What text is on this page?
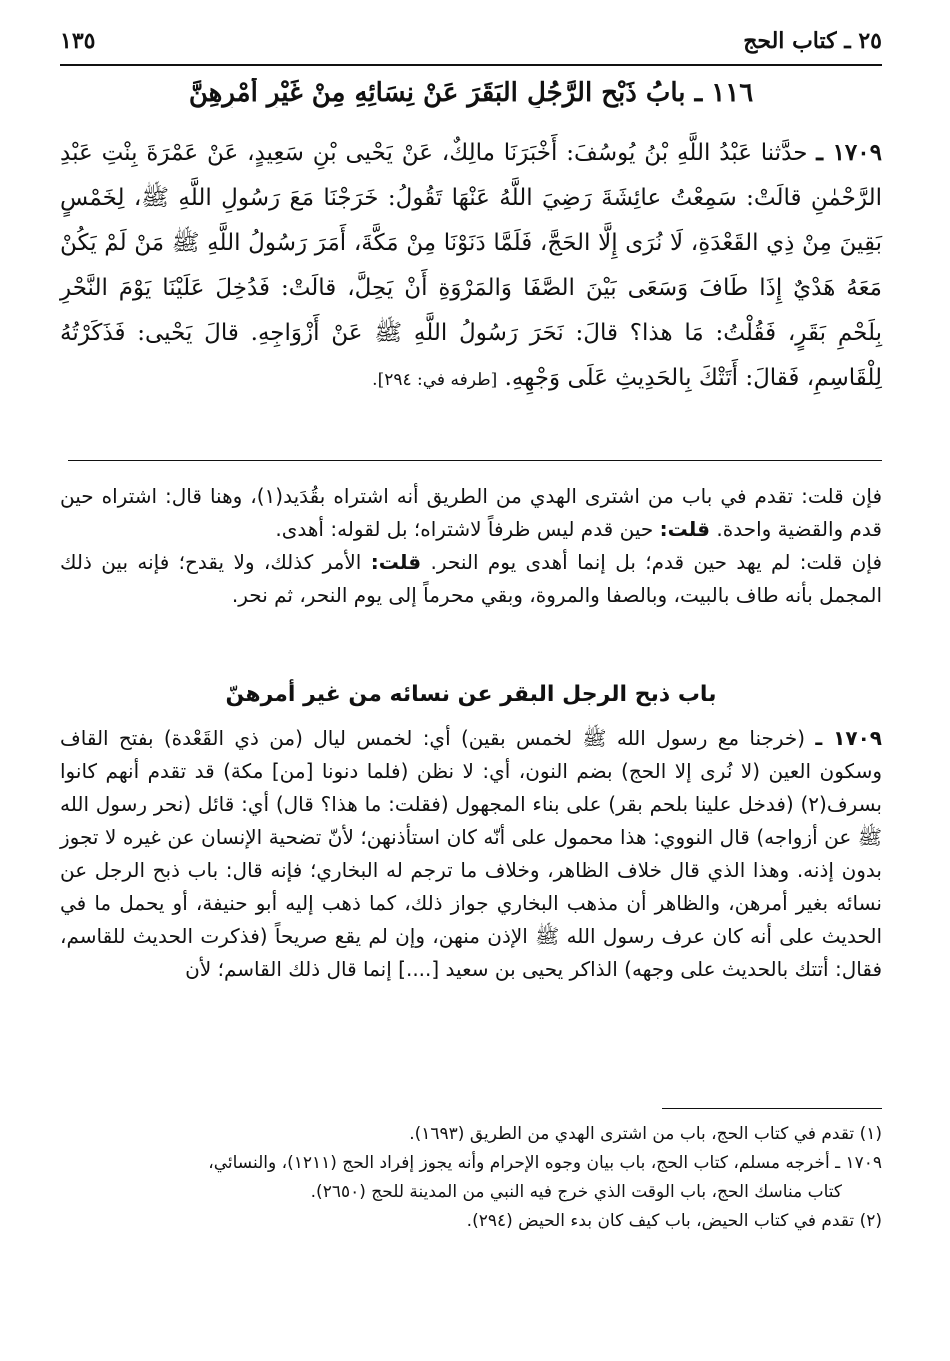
٢٥ ـ كتاب الحج
١٣٥
١١٦ ـ بابُ ذَبْحِ الرَّجُلِ البَقَرَ عَنْ نِسَائِهِ مِنْ غَيْرِ أَمْرِهِنَّ
١٧٠٩ ـ حدَّثنا عَبْدُ اللَّهِ بْنُ يُوسُفَ: أَخْبَرَنَا مالِكٌ، عَنْ يَحْيى بْنِ سَعِيدٍ، عَنْ عَمْرَةَ بِنْتِ عَبْدِ الرَّحْمٰنِ قالَتْ: سَمِعْتُ عائِشَةَ رَضِيَ اللَّهُ عَنْهَا تَقُولُ: خَرَجْنَا مَعَ رَسُولِ اللَّهِ ﷺ، لِخَمْسٍ بَقِينَ مِنْ ذِي القَعْدَةِ، لَا نُرَى إِلَّا الحَجَّ، فَلَمَّا دَنَوْنَا مِنْ مَكَّةَ، أَمَرَ رَسُولُ اللَّهِ ﷺ مَنْ لَمْ يَكُنْ مَعَهُ هَدْيٌ إِذَا طَافَ وَسَعَى بَيْنَ الصَّفَا وَالمَرْوَةِ أَنْ يَحِلَّ، قالَتْ: فَدُخِلَ عَلَيْنَا يَوْمَ النَّحْرِ بِلَحْمِ بَقَرٍ، فَقُلْتُ: مَا هذا؟ قالَ: نَحَرَ رَسُولُ اللَّهِ ﷺ عَنْ أَزْوَاجِهِ. قالَ يَحْيى: فَذَكَرْتُهُ لِلْقَاسِمِ، فَقالَ: أَتَتْكَ بِالحَدِيثِ عَلَى وَجْهِهِ. [طرفه في: ٢٩٤].

فإن قلت: تقدم في باب من اشترى الهدي من الطريق أنه اشتراه بقُدَيد(١)، وهنا قال: اشتراه حين قدم والقضية واحدة. قلت: حين قدم ليس ظرفاً لاشتراه؛ بل لقوله: أهدى.

فإن قلت: لم يهد حين قدم؛ بل إنما أهدى يوم النحر. قلت: الأمر كذلك، ولا يقدح؛ فإنه بين ذلك المجمل بأنه طاف بالبيت، وبالصفا والمروة، وبقي محرماً إلى يوم النحر، ثم نحر.

باب ذبح الرجل البقر عن نسائه من غير أمرهنّ

١٧٠٩ ـ (خرجنا مع رسول الله ﷺ لخمس بقين) أي: لخمس ليال (من ذي القَعْدة) بفتح القاف وسكون العين (لا نُرى إلا الحج) بضم النون، أي: لا نظن (فلما دنونا [من] مكة) قد تقدم أنهم كانوا بسرف(٢) (فدخل علينا بلحم بقر) على بناء المجهول (فقلت: ما هذا؟ قال) أي: قائل (نحر رسول الله ﷺ عن أزواجه) قال النووي: هذا محمول على أنّه كان استأذنهن؛ لأنّ تضحية الإنسان عن غيره لا تجوز بدون إذنه. وهذا الذي قال خلاف الظاهر، وخلاف ما ترجم له البخاري؛ فإنه قال: باب ذبح الرجل عن نسائه بغير أمرهن، والظاهر أن مذهب البخاري جواز ذلك، كما ذهب إليه أبو حنيفة، أو يحمل ما في الحديث على أنه كان عرف رسول الله ﷺ الإذن منهن، وإن لم يقع صريحاً (فذكرت الحديث للقاسم، فقال: أتتك بالحديث على وجهه) الذاكر يحيى بن سعيد [....] إنما قال ذلك القاسم؛ لأن

(١) تقدم في كتاب الحج، باب من اشترى الهدي من الطريق (١٦٩٣).
١٧٠٩ ـ أخرجه مسلم، كتاب الحج، باب بيان وجوه الإحرام وأنه يجوز إفراد الحج (١٢١١)، والنسائي،
كتاب مناسك الحج، باب الوقت الذي خرج فيه النبي من المدينة للحج (٢٦٥٠).
(٢) تقدم في كتاب الحيض، باب كيف كان بدء الحيض (٢٩٤).
